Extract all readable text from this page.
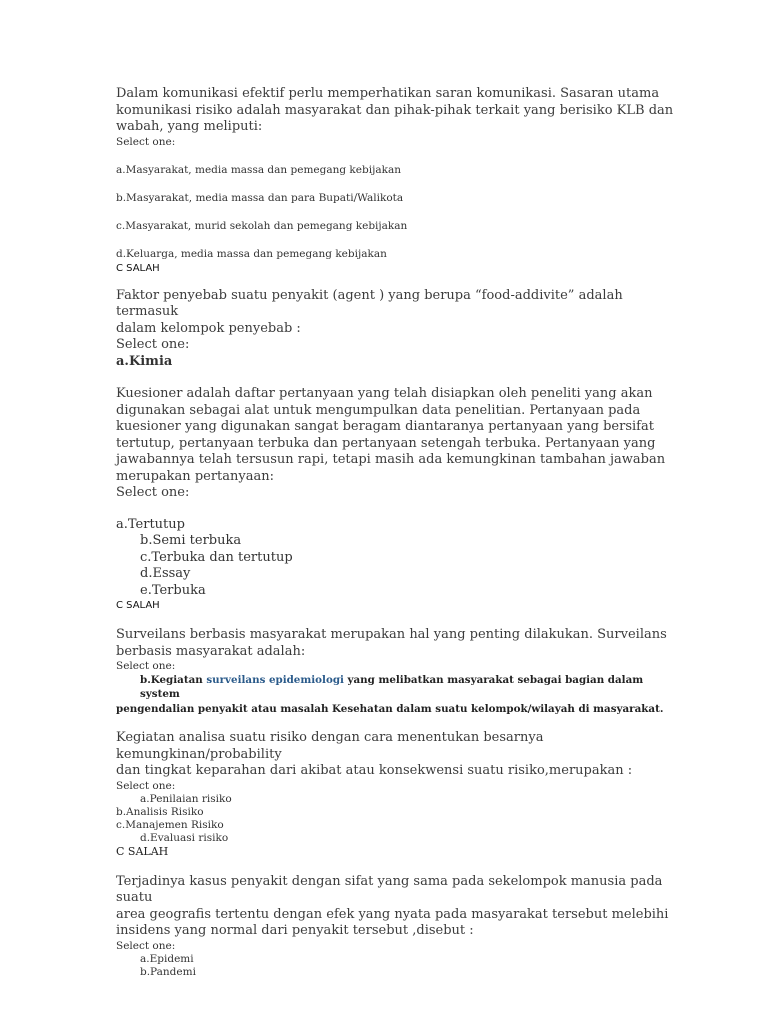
Dalam komunikasi efektif perlu memperhatikan saran komunikasi. Sasaran utama

komunikasi risiko adalah masyarakat dan pihak-pihak terkait yang berisiko KLB dan

wabah, yang meliputi:

Select one:

a.Masyarakat, media massa dan pemegang kebijakan

b.Masyarakat, media massa dan para Bupati/Walikota

c.Masyarakat, murid sekolah dan pemegang kebijakan

d.Keluarga, media massa dan pemegang kebijakan

C SALAH

Faktor penyebab suatu penyakit (agent ) yang berupa “food-addivite” adalah termasuk

dalam kelompok penyebab :

Select one:

a.Kimia

Kuesioner adalah daftar pertanyaan yang telah disiapkan oleh peneliti yang akan

digunakan sebagai alat untuk mengumpulkan data penelitian. Pertanyaan pada

kuesioner yang digunakan sangat beragam diantaranya pertanyaan yang bersifat

tertutup, pertanyaan terbuka dan pertanyaan setengah terbuka. Pertanyaan yang

jawabannya telah tersusun rapi, tetapi masih ada kemungkinan tambahan jawaban

merupakan pertanyaan:

Select one:

a.Tertutup

b.Semi terbuka

c.Terbuka dan tertutup

d.Essay

e.Terbuka

C SALAH

Surveilans berbasis masyarakat merupakan hal yang penting dilakukan. Surveilans

berbasis masyarakat adalah:

Select one:

b.Kegiatan surveilans epidemiologi yang melibatkan masyarakat sebagai bagian dalam system

pengendalian penyakit atau masalah Kesehatan dalam suatu kelompok/wilayah di masyarakat.

Kegiatan analisa suatu risiko dengan cara menentukan besarnya kemungkinan/probability

dan tingkat keparahan dari akibat atau konsekwensi suatu risiko,merupakan :

Select one:

a.Penilaian risiko

b.Analisis Risiko

c.Manajemen Risiko

d.Evaluasi risiko

C SALAH

Terjadinya kasus penyakit dengan sifat yang sama pada sekelompok manusia pada suatu

area geografis tertentu dengan efek yang nyata pada masyarakat tersebut melebihi

insidens yang normal dari penyakit tersebut ,disebut :

Select one:

a.Epidemi

b.Pandemi
